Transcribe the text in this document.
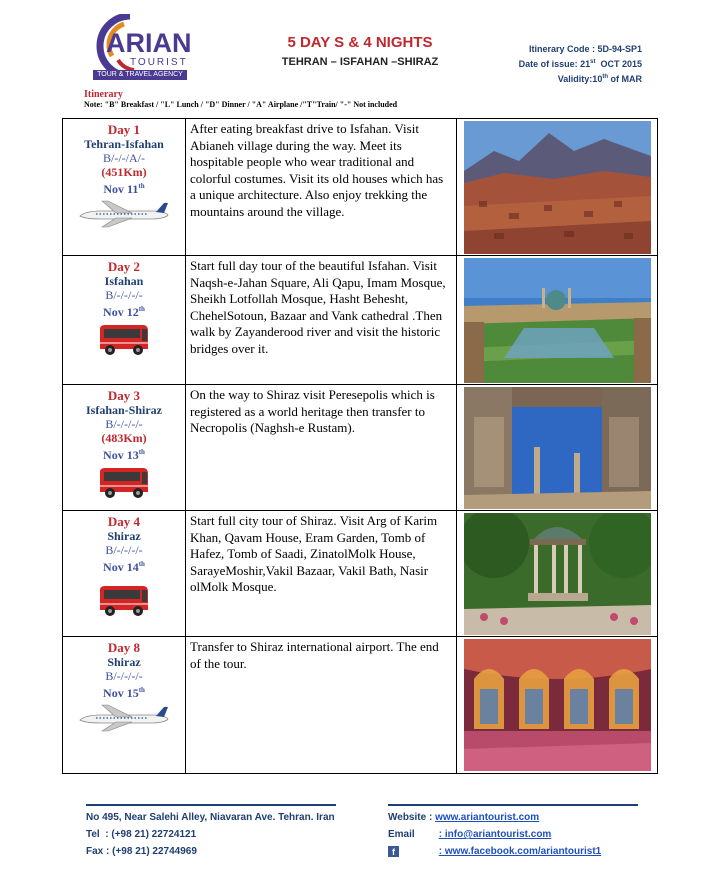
ARIAN
TOURIST
TOUR & TRAVEL AGENCY
5 DAY S & 4 NIGHTS
TEHRAN – ISFAHAN –SHIRAZ
Itinerary Code : 5D-94-SP1
Date of issue: 21st  OCT 2015
Validity:10th of MAR
Itinerary
Note: "B" Breakfast / "L" Lunch / "D" Dinner / "A" Airplane /"T"Train/ "-" Not included
Day 1
Tehran-Isfahan
B/-/-/A/-
(451Km)
Nov 11th
After eating breakfast drive to Isfahan. Visit Abianeh village during the way. Meet its hospitable people who wear traditional and colorful costumes. Visit its old houses which has a unique architecture. Also enjoy trekking the mountains around the village.
Day 2
Isfahan
B/-/-/-/-
Nov 12th
Start full day tour of the beautiful Isfahan. Visit Naqsh-e-Jahan Square, Ali Qapu, Imam Mosque, Sheikh Lotfollah Mosque, Hasht Behesht, ChehelSotoun, Bazaar and Vank cathedral .Then walk by Zayanderood river and visit the historic bridges over it.
Day 3
Isfahan-Shiraz
B/-/-/-/-
(483Km)
Nov 13th
On the way to Shiraz visit Peresepolis which is registered as a world heritage then transfer to Necropolis (Naghsh-e Rustam).
Day 4
Shiraz
B/-/-/-/-
Nov 14th
Start full city tour of Shiraz. Visit Arg of Karim Khan, Qavam House, Eram Garden, Tomb of Hafez, Tomb of Saadi, ZinatolMolk House, SarayeMoshir,Vakil Bazaar, Vakil Bath, Nasir olMolk Mosque.
Day 8
Shiraz
B/-/-/-/-
Nov 15th
Transfer to Shiraz international airport. The end of the tour.
No 495, Near Salehi Alley, Niavaran Ave. Tehran. Iran
Tel  : (+98 21) 22724121
Fax : (+98 21) 22744969
Website : www.ariantourist.com
Email : info@ariantourist.com
f	: www.facebook.com/ariantourist1
